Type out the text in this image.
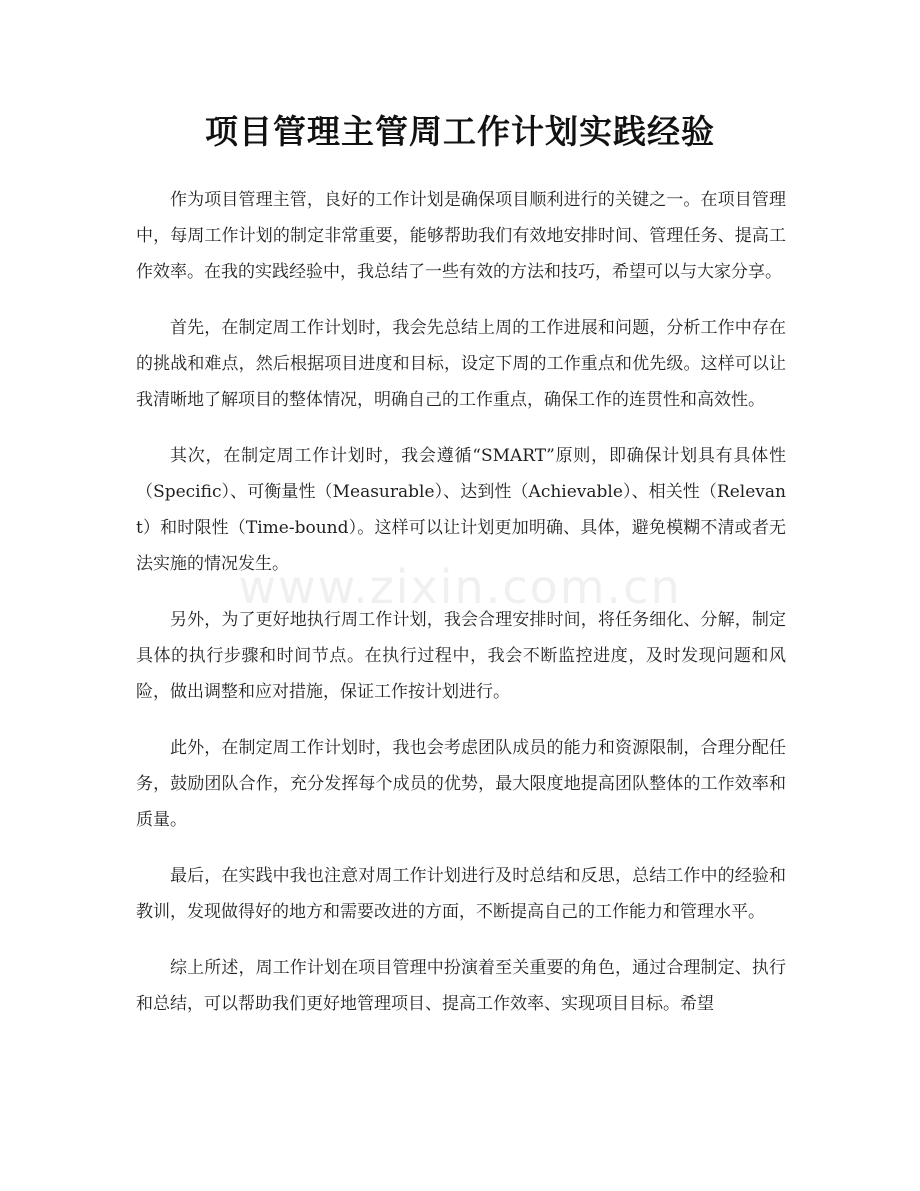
项目管理主管周工作计划实践经验

作为项目管理主管，良好的工作计划是确保项目顺利进行的关键之一。在项目管理中，每周工作计划的制定非常重要，能够帮助我们有效地安排时间、管理任务、提高工作效率。在我的实践经验中，我总结了一些有效的方法和技巧，希望可以与大家分享。

首先，在制定周工作计划时，我会先总结上周的工作进展和问题，分析工作中存在的挑战和难点，然后根据项目进度和目标，设定下周的工作重点和优先级。这样可以让我清晰地了解项目的整体情况，明确自己的工作重点，确保工作的连贯性和高效性。

其次，在制定周工作计划时，我会遵循“SMART”原则，即确保计划具有具体性（Specific）、可衡量性（Measurable）、达到性（Achievable）、相关性（Relevant）和时限性（Time-bound）。这样可以让计划更加明确、具体，避免模糊不清或者无法实施的情况发生。

另外，为了更好地执行周工作计划，我会合理安排时间，将任务细化、分解，制定具体的执行步骤和时间节点。在执行过程中，我会不断监控进度，及时发现问题和风险，做出调整和应对措施，保证工作按计划进行。

此外，在制定周工作计划时，我也会考虑团队成员的能力和资源限制，合理分配任务，鼓励团队合作，充分发挥每个成员的优势，最大限度地提高团队整体的工作效率和质量。

最后，在实践中我也注意对周工作计划进行及时总结和反思，总结工作中的经验和教训，发现做得好的地方和需要改进的方面，不断提高自己的工作能力和管理水平。

综上所述，周工作计划在项目管理中扮演着至关重要的角色，通过合理制定、执行和总结，可以帮助我们更好地管理项目、提高工作效率、实现项目目标。希望

www.zixin.com.cn
